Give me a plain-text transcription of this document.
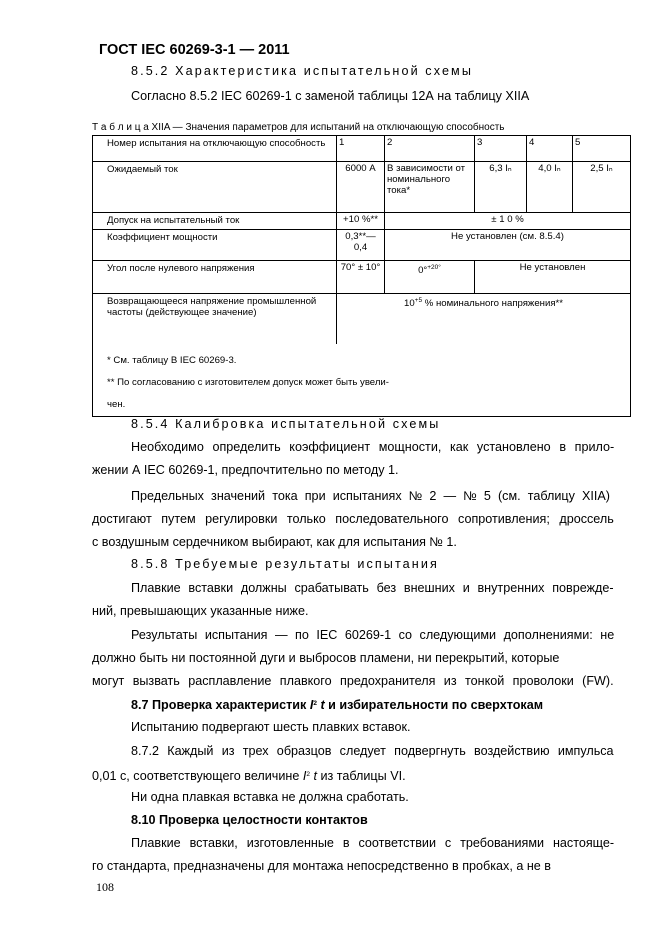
ГОСТ IEC 60269-3-1 — 2011
8.5.2 Характеристика испытательной схемы
Согласно 8.5.2 IEC 60269-1 с заменой таблицы 12А на таблицу XIIA
Т а б л и ц а XIIA — Значения параметров для испытаний на отключающую способность
Номер испытания на отключающую способность	1	2	3	4	5
Ожидаемый ток	6000 А	В зависимости от номинального тока*	6,3 Iₙ	4,0 Iₙ	2,5 Iₙ
Допуск на испытательный ток	+10 %**	± 1 0 %			
Коэффициент мощности	0,3**— 0,4	Не установлен (см. 8.5.4)			
Угол после нулевого напряжения	70° ± 10°	0°$^{+20^\circ}$	Не установлен		

Возвращающееся напряжение промышленной частоты (действующее значение)	$10^{+5}$ % номинального напряжения**				

* См. таблицу В IEC 60269-3.
** По согласованию с изготовителем допуск может быть увели-
чен.					
8.5.4 Калибровка испытательной схемы
Необходимо определить коэффициент мощности, как установлено в прило-
жении А IEC 60269-1, предпочтительно по методу 1.
Предельных значений тока при испытаниях № 2 — № 5 (см. таблицу XIIA)
достигают путем регулировки только последовательного сопротивления; дроссель
с воздушным сердечником выбирают, как для испытания № 1.
8.5.8 Требуемые результаты испытания
Плавкие вставки должны срабатывать без внешних и внутренних поврежде-
ний, превышающих указанные ниже.
Результаты испытания — по IEC 60269-1 со следующими дополнениями: не
должно быть ни постоянной дуги и выбросов пламени, ни перекрытий, которые
могут вызвать расплавление плавкого предохранителя из тонкой проволоки (FW).
8.7 Проверка характеристик $I^2$ t и избирательности по сверхтокам
Испытанию подвергают шесть плавких вставок.
8.7.2 Каждый из трех образцов следует подвергнуть воздействию импульса
0,01 с, соответствующего величине $I^2$ t из таблицы VI.
Ни одна плавкая вставка не должна сработать.
8.10 Проверка целостности контактов
Плавкие вставки, изготовленные в соответствии с требованиями настояще-
го стандарта, предназначены для монтажа непосредственно в пробках, а не в
108
